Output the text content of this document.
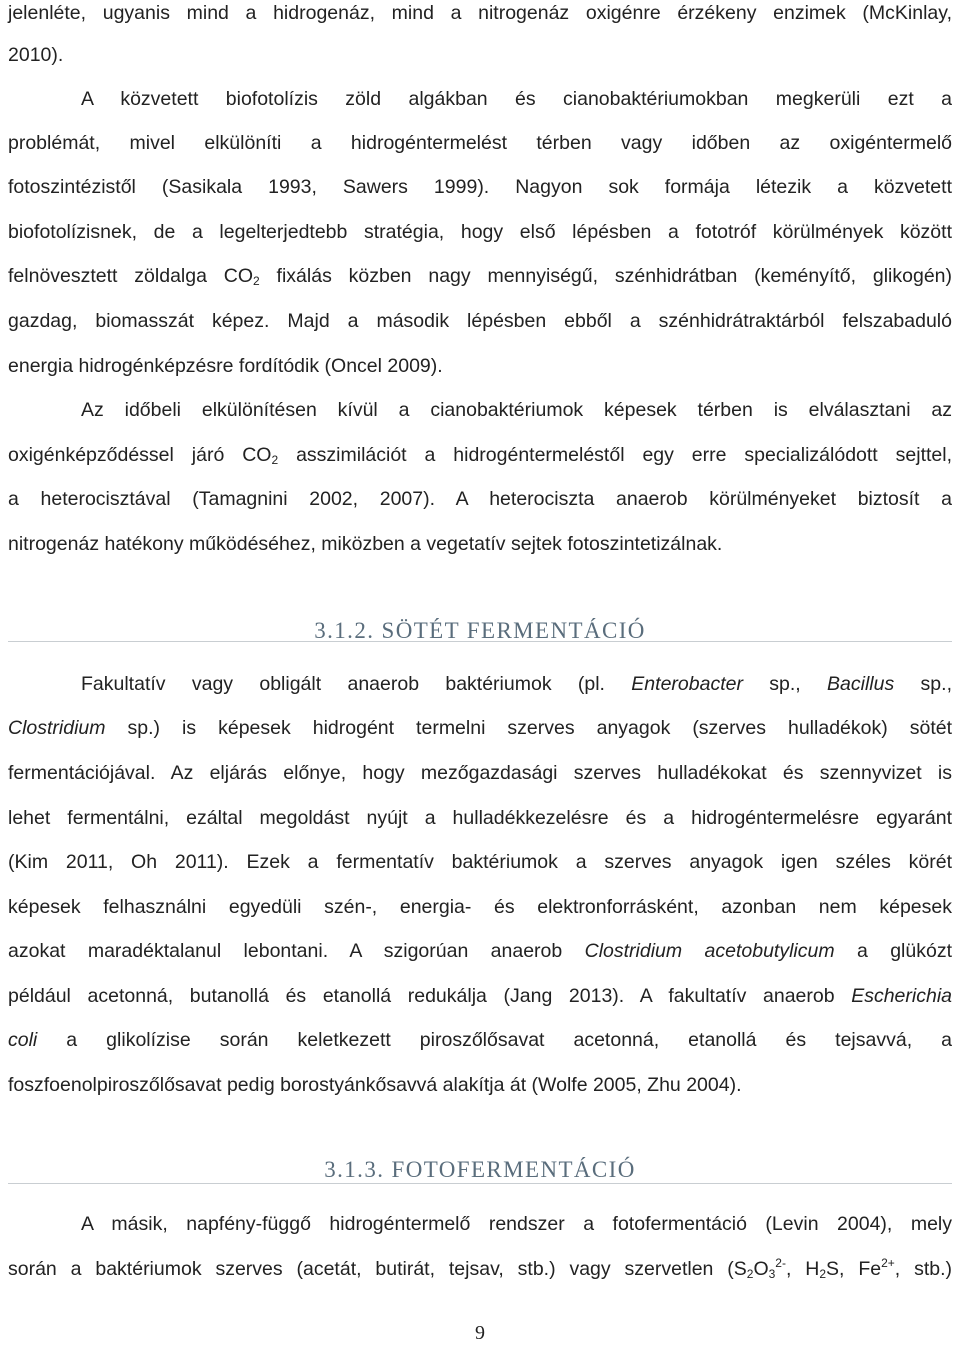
jelenléte, ugyanis mind a hidrogenáz, mind a nitrogenáz oxigénre érzékeny enzimek (McKinlay,
2010).
A közvetett biofotolízis zöld algákban és cianobaktériumokban megkerüli ezt a
problémát, mivel elkülöníti a hidrogéntermelést térben vagy időben az oxigéntermelő
fotoszintézistől (Sasikala 1993, Sawers 1999). Nagyon sok formája létezik a közvetett
biofotolízisnek, de a legelterjedtebb stratégia, hogy első lépésben a fototróf körülmények között
felnövesztett zöldalga $CO_2$ fixálás közben nagy mennyiségű, szénhidrátban (keményítő, glikogén)
gazdag, biomasszát képez. Majd a második lépésben ebből a szénhidrátraktárból felszabaduló
energia hidrogénképzésre fordítódik (Oncel 2009).
Az időbeli elkülönítésen kívül a cianobaktériumok képesek térben is elválasztani az
oxigénképződéssel járó $CO_2$ asszimilációt a hidrogéntermeléstől egy erre specializálódott sejttel,
a heterocisztával (Tamagnini 2002, 2007). A heterociszta anaerob körülményeket biztosít a
nitrogenáz hatékony működéséhez, miközben a vegetatív sejtek fotoszintetizálnak.
3.1.2. SÖTÉT FERMENTÁCIÓ
Fakultatív vagy obligált anaerob baktériumok (pl. Enterobacter sp., Bacillus sp.,
Clostridium sp.) is képesek hidrogént termelni szerves anyagok (szerves hulladékok) sötét
fermentációjával. Az eljárás előnye, hogy mezőgazdasági szerves hulladékokat és szennyvizet is
lehet fermentálni, ezáltal megoldást nyújt a hulladékkezelésre és a hidrogéntermelésre egyaránt
(Kim 2011, Oh 2011). Ezek a fermentatív baktériumok a szerves anyagok igen széles körét
képesek felhasználni egyedüli szén-, energia- és elektronforrásként, azonban nem képesek
azokat maradéktalanul lebontani. A szigorúan anaerob Clostridium acetobutylicum a glükózt
például acetonná, butanollá és etanollá redukálja (Jang 2013). A fakultatív anaerob Escherichia
coli a glikolízise során keletkezett piroszőlősavat acetonná, etanollá és tejsavvá, a
foszfoenolpiroszőlősavat pedig borostyánkősavvá alakítja át (Wolfe 2005, Zhu 2004).
3.1.3. FOTOFERMENTÁCIÓ
A másik, napfény-függő hidrogéntermelő rendszer a fotofermentáció (Levin 2004), mely
során a baktériumok szerves (acetát, butirát, tejsav, stb.) vagy szervetlen ($S_2O_3^{2-}$, $H_2S$, $Fe^{2+}$, stb.)
9
